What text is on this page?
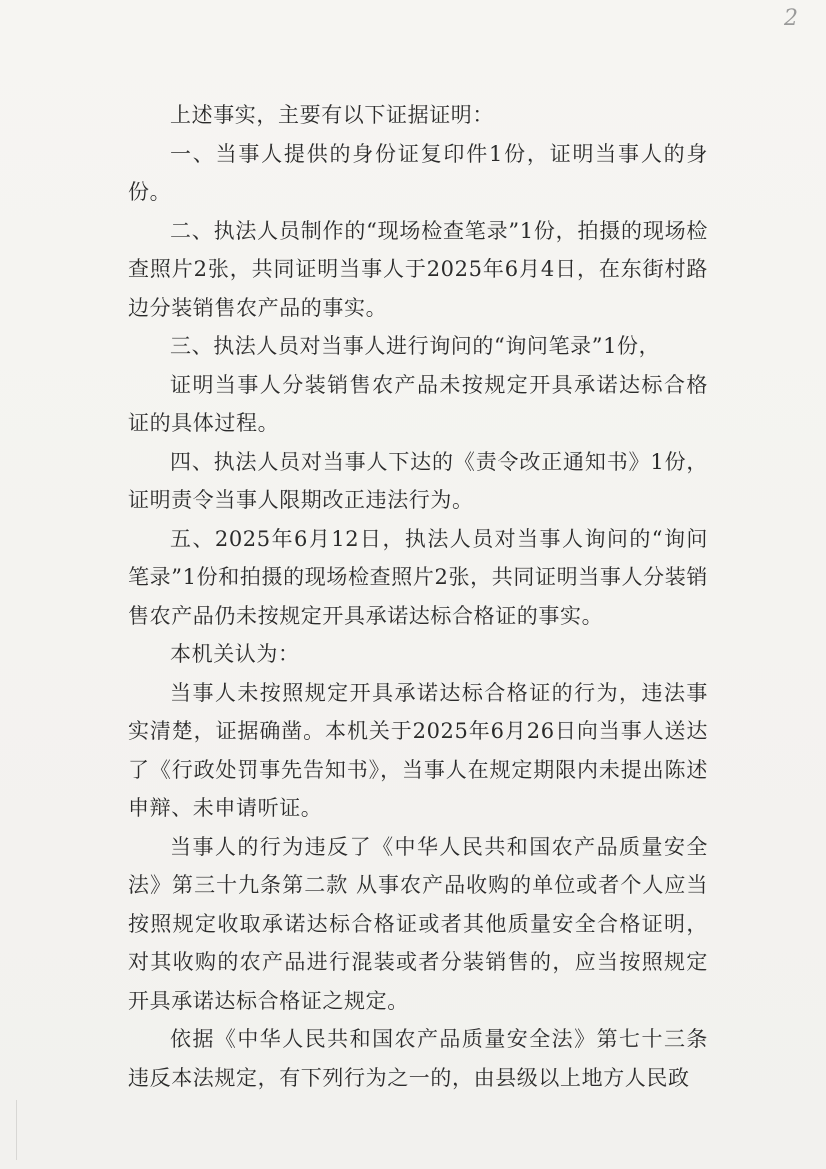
2

上述事实，主要有以下证据证明：

一、当事人提供的身份证复印件1份，证明当事人的身份。

二、执法人员制作的“现场检查笔录”1份，拍摄的现场检查照片2张，共同证明当事人于2025年6月4日，在东街村路边分装销售农产品的事实。

三、执法人员对当事人进行询问的“询问笔录”1份，

证明当事人分装销售农产品未按规定开具承诺达标合格证的具体过程。

四、执法人员对当事人下达的《责令改正通知书》1份，证明责令当事人限期改正违法行为。

五、2025年6月12日，执法人员对当事人询问的“询问笔录”1份和拍摄的现场检查照片2张，共同证明当事人分装销售农产品仍未按规定开具承诺达标合格证的事实。

本机关认为：

当事人未按照规定开具承诺达标合格证的行为，违法事实清楚，证据确凿。本机关于2025年6月26日向当事人送达了《行政处罚事先告知书》，当事人在规定期限内未提出陈述申辩、未申请听证。

当事人的行为违反了《中华人民共和国农产品质量安全法》第三十九条第二款 从事农产品收购的单位或者个人应当按照规定收取承诺达标合格证或者其他质量安全合格证明，对其收购的农产品进行混装或者分装销售的，应当按照规定开具承诺达标合格证之规定。

依据《中华人民共和国农产品质量安全法》第七十三条违反本法规定，有下列行为之一的，由县级以上地方人民政
